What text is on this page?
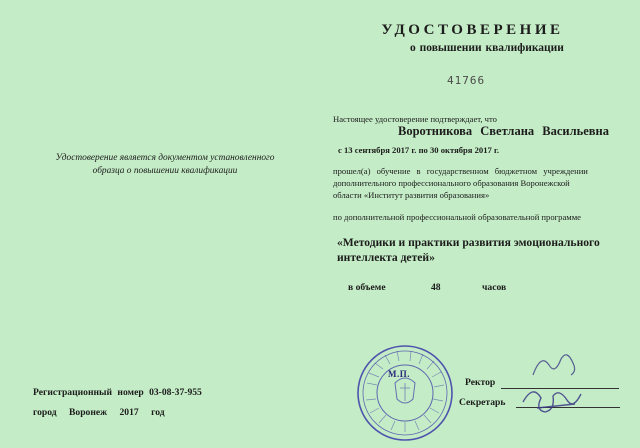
УДОСТОВЕРЕНИЕ
о повышении квалификации
41766
Удостоверение является документом установленного образца о повышении квалификации
Настоящее удостоверение подтверждает, что
Воротникова Светлана Васильевна
с 13 сентября 2017 г. по 30 октября 2017 г.
прошел(а) обучение в государственном бюджетном учреждении
дополнительного профессионального образования Воронежской
области «Институт развития образования»
по дополнительной профессиональной образовательной программе
«Методики и практики развития эмоционального интеллекта детей»
в объеме	48	часов
Регистрационный номер 03-08-37-955
город Воронеж 2017 год
М.П.
Ректор
Секретарь
